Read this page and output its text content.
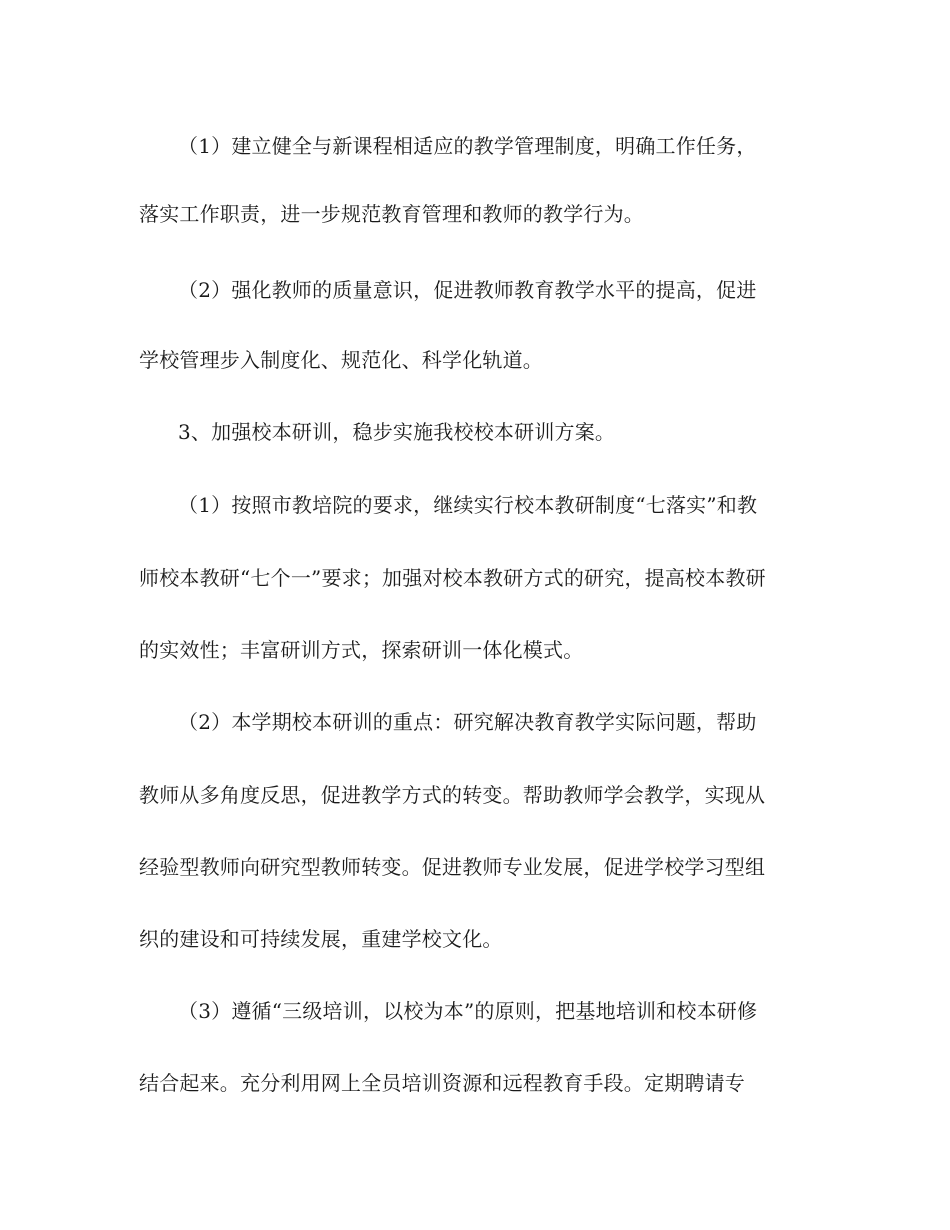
（1）建立健全与新课程相适应的教学管理制度，明确工作任务，
落实工作职责，进一步规范教育管理和教师的教学行为。
（2）强化教师的质量意识，促进教师教育教学水平的提高，促进
学校管理步入制度化、规范化、科学化轨道。
3、加强校本研训，稳步实施我校校本研训方案。
（1）按照市教培院的要求，继续实行校本教研制度“七落实”和教
师校本教研“七个一”要求；加强对校本教研方式的研究，提高校本教研
的实效性；丰富研训方式，探索研训一体化模式。
（2）本学期校本研训的重点：研究解决教育教学实际问题，帮助
教师从多角度反思，促进教学方式的转变。帮助教师学会教学，实现从
经验型教师向研究型教师转变。促进教师专业发展，促进学校学习型组
织的建设和可持续发展，重建学校文化。
（3）遵循“三级培训，以校为本”的原则，把基地培训和校本研修
结合起来。充分利用网上全员培训资源和远程教育手段。定期聘请专
